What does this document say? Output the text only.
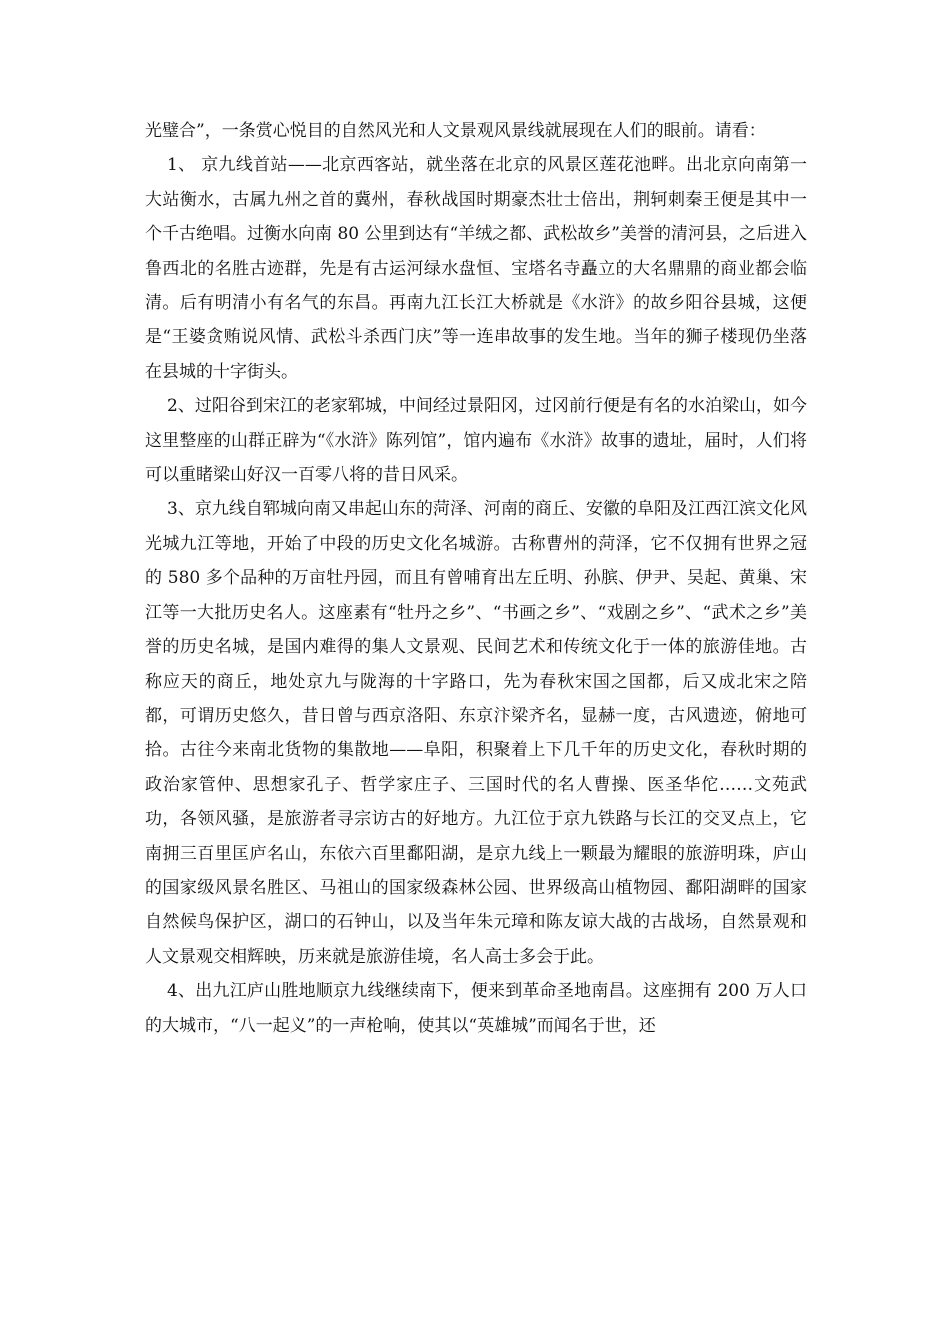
光璧合”，一条赏心悦目的自然风光和人文景观风景线就展现在人们的眼前。请看：

1、 京九线首站——北京西客站，就坐落在北京的风景区莲花池畔。出北京向南第一大站衡水，古属九州之首的冀州，春秋战国时期豪杰壮士倍出，荆轲刺秦王便是其中一个千古绝唱。过衡水向南 80 公里到达有“羊绒之都、武松故乡”美誉的清河县，之后进入鲁西北的名胜古迹群，先是有古运河绿水盘恒、宝塔名寺矗立的大名鼎鼎的商业都会临清。后有明清小有名气的东昌。再南九江长江大桥就是《水浒》的故乡阳谷县城，这便是“王婆贪贿说风情、武松斗杀西门庆”等一连串故事的发生地。当年的狮子楼现仍坐落在县城的十字街头。

2、过阳谷到宋江的老家郓城，中间经过景阳冈，过冈前行便是有名的水泊梁山，如今这里整座的山群正辟为“《水浒》陈列馆”，馆内遍布《水浒》故事的遗址，届时，人们将可以重睹梁山好汉一百零八将的昔日风采。

3、京九线自郓城向南又串起山东的菏泽、河南的商丘、安徽的阜阳及江西江滨文化风光城九江等地，开始了中段的历史文化名城游。古称曹州的菏泽，它不仅拥有世界之冠的 580 多个品种的万亩牡丹园，而且有曾哺育出左丘明、孙膑、伊尹、吴起、黄巢、宋江等一大批历史名人。这座素有“牡丹之乡”、“书画之乡”、“戏剧之乡”、“武术之乡”美誉的历史名城，是国内难得的集人文景观、民间艺术和传统文化于一体的旅游佳地。古称应天的商丘，地处京九与陇海的十字路口，先为春秋宋国之国都，后又成北宋之陪都，可谓历史悠久，昔日曾与西京洛阳、东京汴梁齐名，显赫一度，古风遗迹，俯地可拾。古往今来南北货物的集散地——阜阳，积聚着上下几千年的历史文化，春秋时期的政治家管仲、思想家孔子、哲学家庄子、三国时代的名人曹操、医圣华佗……文苑武功，各领风骚，是旅游者寻宗访古的好地方。九江位于京九铁路与长江的交叉点上，它南拥三百里匡庐名山，东依六百里鄱阳湖，是京九线上一颗最为耀眼的旅游明珠，庐山的国家级风景名胜区、马祖山的国家级森林公园、世界级高山植物园、鄱阳湖畔的国家自然候鸟保护区，湖口的石钟山，以及当年朱元璋和陈友谅大战的古战场，自然景观和人文景观交相辉映，历来就是旅游佳境，名人高士多会于此。

4、出九江庐山胜地顺京九线继续南下，便来到革命圣地南昌。这座拥有 200 万人口的大城市，“八一起义”的一声枪响，使其以“英雄城”而闻名于世，还
